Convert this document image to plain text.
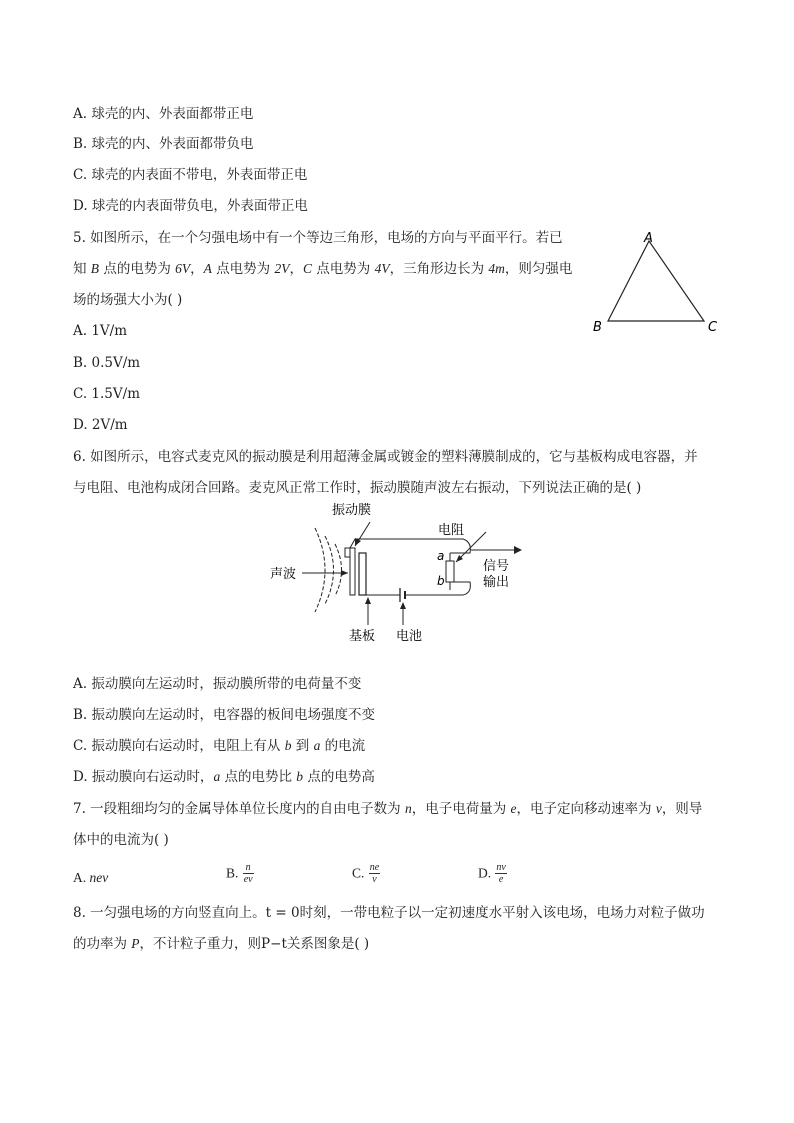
A. 球壳的内、外表面都带正电
B. 球壳的内、外表面都带负电
C. 球壳的内表面不带电，外表面带正电
D. 球壳的内表面带负电，外表面带正电
5. 如图所示，在一个匀强电场中有一个等边三角形，电场的方向与平面平行。若已
知 B 点的电势为 6V，A 点电势为 2V，C 点电势为 4V，三角形边长为 4m，则匀强电
场的场强大小为( )
A. 1V/m
B. 0.5V/m
C. 1.5V/m
D. 2V/m
A
B	C
6. 如图所示，电容式麦克风的振动膜是利用超薄金属或镀金的塑料薄膜制成的，它与基板构成电容器，并
与电阻、电池构成闭合回路。麦克风正常工作时，振动膜随声波左右振动，下列说法正确的是( )
声波
a
b
信号
输出
振动膜
电阻
基板 电池
A. 振动膜向左运动时，振动膜所带的电荷量不变
B. 振动膜向左运动时，电容器的板间电场强度不变
C. 振动膜向右运动时，电阻上有从 b 到 a 的电流
D. 振动膜向右运动时，a 点的电势比 b 点的电势高
7. 一段粗细均匀的金属导体单位长度内的自由电子数为 n，电子电荷量为 e，电子定向移动速率为 v，则导
体中的电流为( )
A. nev	B. $\frac{n}{ev}$	C. $\frac{ne}{v}$	D. $\frac{nv}{e}$
8. 一匀强电场的方向竖直向上。t = 0时刻，一带电粒子以一定初速度水平射入该电场，电场力对粒子做功
的功率为 P，不计粒子重力，则P−t关系图象是( )
